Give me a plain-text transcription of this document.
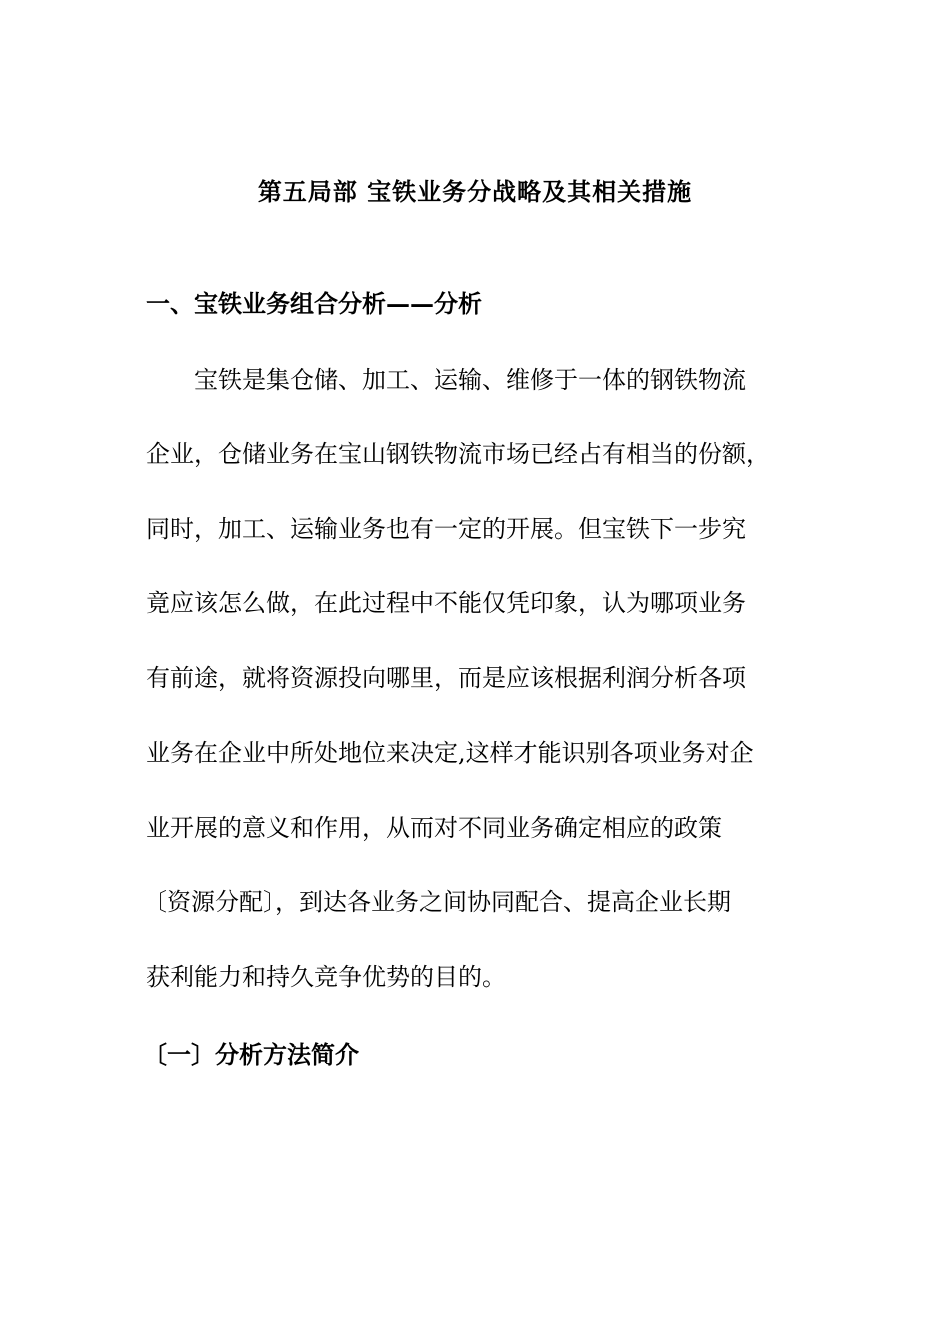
第五局部 宝铁业务分战略及其相关措施
一、宝铁业务组合分析——分析
宝铁是集仓储、加工、运输、维修于一体的钢铁物流
企业，仓储业务在宝山钢铁物流市场已经占有相当的份额，
同时，加工、运输业务也有一定的开展。但宝铁下一步究
竟应该怎么做，在此过程中不能仅凭印象，认为哪项业务
有前途，就将资源投向哪里，而是应该根据利润分析各项
业务在企业中所处地位来决定,这样才能识别各项业务对企
业开展的意义和作用，从而对不同业务确定相应的政策
〔资源分配〕，到达各业务之间协同配合、提高企业长期
获利能力和持久竞争优势的目的。
〔一〕分析方法简介
